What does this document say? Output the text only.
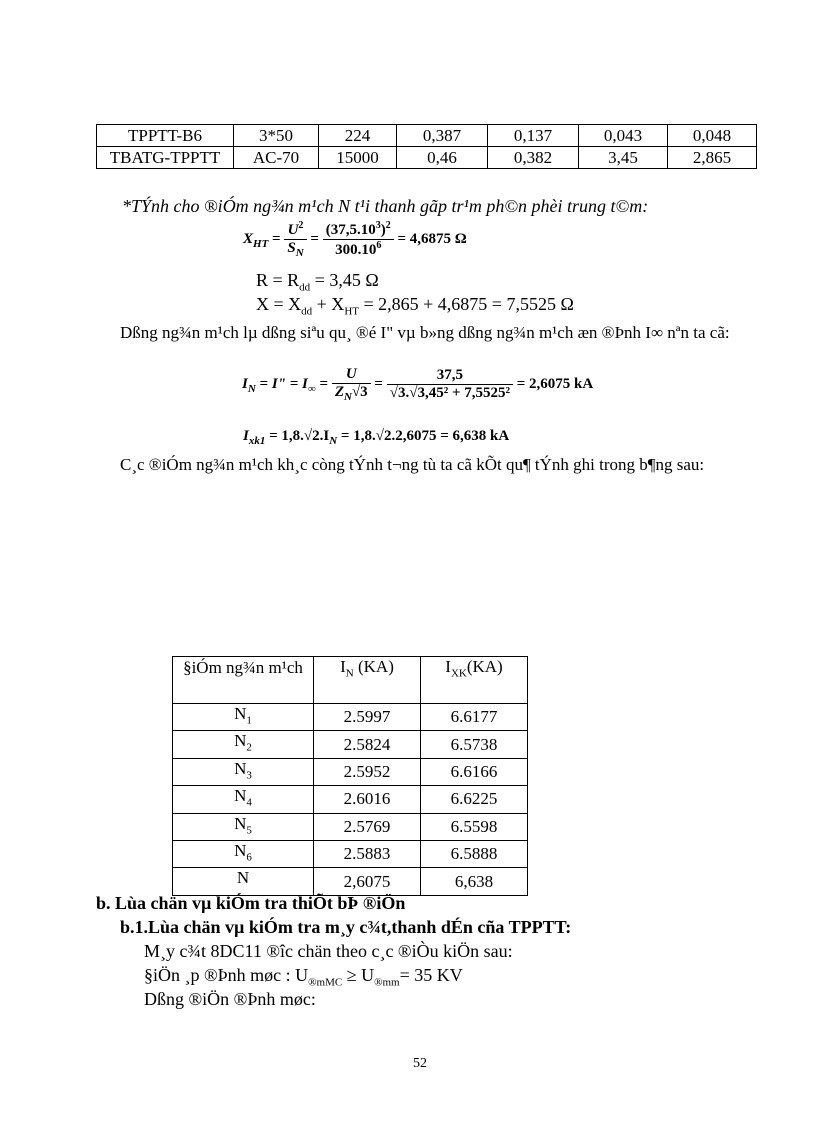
TPPTT-B6	3*50	224	0,387	0,137	0,043	0,048
TBATG-TPPTT	AC-70	15000	0,46	0,382	3,45	2,865
*TÝnh cho ®iÓm ng¾n m¹ch N t¹i thanh gãp tr¹m ph©n phèi trung t©m:
$X_{HT} = \frac{U^2}{S_N} = \frac{(37,5.10^3)^2}{300.10^6} = 4,6875$ Ω
$R = R_{dd} = 3,45$ Ω
$X = X_{dd} + X_{HT} = 2,865 + 4,6875 = 7,5525$ Ω
Dßng ng¾n m¹ch lµ dßng siªu qu¸ ®é I" vµ b»ng dßng ng¾n m¹ch æn ®Þnh I∞ nªn ta cã:
$I_N = I$" = $I_\infty = \frac{U}{Z_N√3} = \frac{37,5}{\text{√3.√3,45² + 7,5525²}} = 2,6075$ kA
$I_{xk1} = 1,8.√2.I_N = 1,8.√2.2,6075 = 6,638$ kA
C¸c ®iÓm ng¾n m¹ch kh¸c còng tÝnh t¬ng tù ta cã kÕt qu¶ tÝnh ghi trong b¶ng sau:
§iÓm ng¾n m¹ch	$I_N$ (KA)	$I_{XK}(KA)$
$N_1$	2.5997	6.6177
$N_2$	2.5824	6.5738
$N_3$	2.5952	6.6166
$N_4$	2.6016	6.6225
$N_5$	2.5769	6.5598
$N_6$	2.5883	6.5888
N	2,6075	6,638
b. Lùa chän vµ kiÓm tra thiÕt bÞ ®iÖn
b.1.Lùa chän vµ kiÓm tra m¸y c¾t,thanh dÉn cña TPPTT:
M¸y c¾t 8DC11 ®îc chän theo c¸c ®iÒu kiÖn sau:
§iÖn ¸p ®Þnh møc : $U_{®mMC} \ge U_{®mm}= 35$ KV
Dßng ®iÖn ®Þnh møc:
52
